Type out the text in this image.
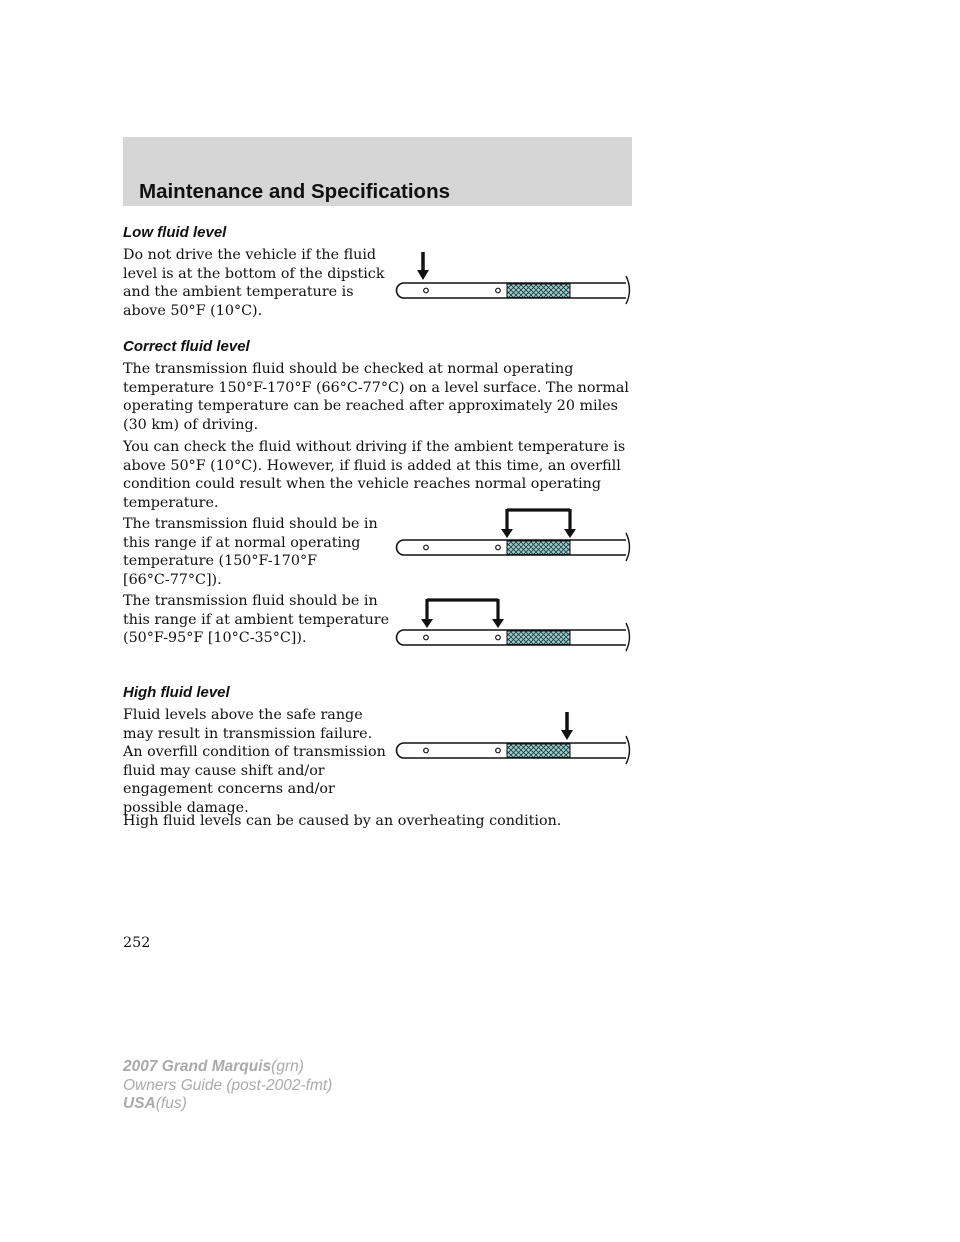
Maintenance and Specifications
Low fluid level
Do not drive the vehicle if the fluid
level is at the bottom of the dipstick
and the ambient temperature is
above 50°F (10°C).
Correct fluid level
The transmission fluid should be checked at normal operating
temperature 150°F-170°F (66°C-77°C) on a level surface. The normal
operating temperature can be reached after approximately 20 miles
(30 km) of driving.
You can check the fluid without driving if the ambient temperature is
above 50°F (10°C). However, if fluid is added at this time, an overfill
condition could result when the vehicle reaches normal operating
temperature.
The transmission fluid should be in
this range if at normal operating
temperature (150°F-170°F
[66°C-77°C]).
The transmission fluid should be in
this range if at ambient temperature
(50°F-95°F [10°C-35°C]).
High fluid level
Fluid levels above the safe range
may result in transmission failure.
An overfill condition of transmission
fluid may cause shift and/or
engagement concerns and/or
possible damage.
High fluid levels can be caused by an overheating condition.
252
2007 Grand Marquis(grn)
Owners Guide (post-2002-fmt)
USA(fus)
